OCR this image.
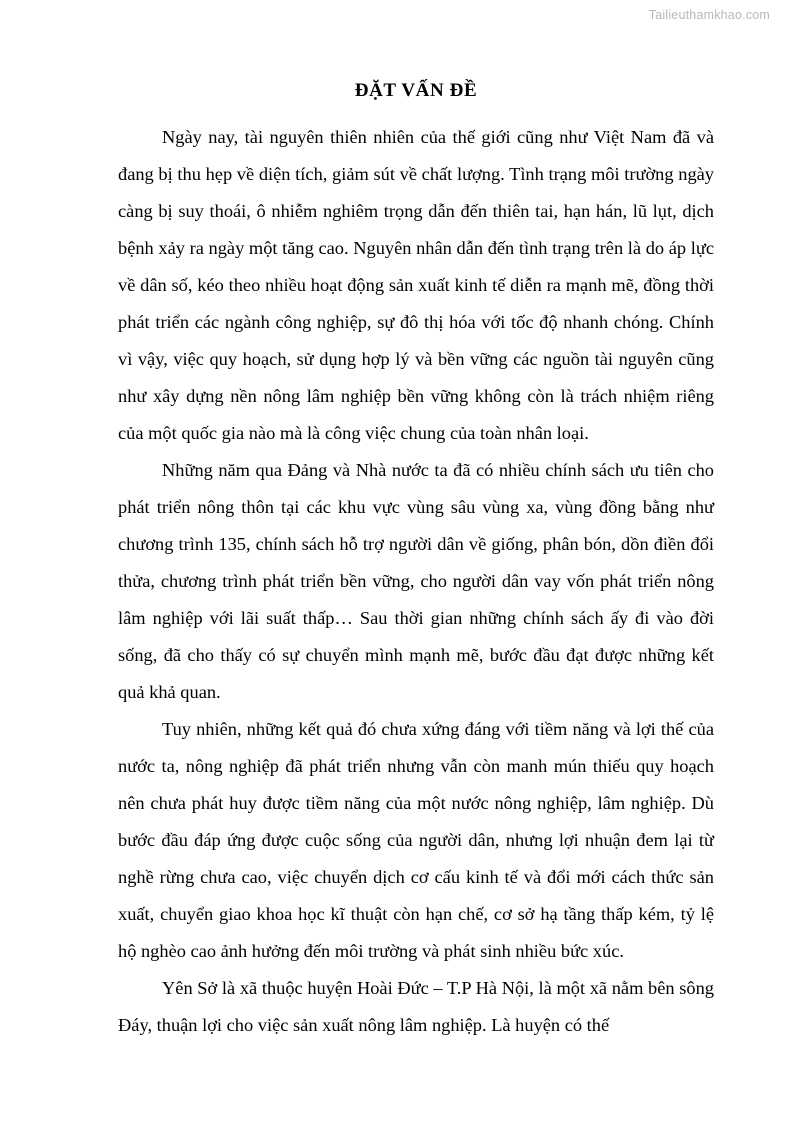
Tailieuthamkhao.com
ĐẶT VẤN ĐỀ

Ngày nay, tài nguyên thiên nhiên của thế giới cũng như Việt Nam đã và đang bị thu hẹp về diện tích, giảm sút về chất lượng. Tình trạng môi trường ngày càng bị suy thoái, ô nhiễm nghiêm trọng dẫn đến thiên tai, hạn hán, lũ lụt, dịch bệnh xảy ra ngày một tăng cao. Nguyên nhân dẫn đến tình trạng trên là do áp lực về dân số, kéo theo nhiều hoạt động sản xuất kinh tế diễn ra mạnh mẽ, đồng thời phát triển các ngành công nghiệp, sự đô thị hóa với tốc độ nhanh chóng. Chính vì vậy, việc quy hoạch, sử dụng hợp lý và bền vững các nguồn tài nguyên cũng như xây dựng nền nông lâm nghiệp bền vững không còn là trách nhiệm riêng của một quốc gia nào mà là công việc chung của toàn nhân loại.

Những năm qua Đảng và Nhà nước ta đã có nhiều chính sách ưu tiên cho phát triển nông thôn tại các khu vực vùng sâu vùng xa, vùng đồng bằng như chương trình 135, chính sách hỗ trợ người dân về giống, phân bón, dồn điền đổi thửa, chương trình phát triển bền vững, cho người dân vay vốn phát triển nông lâm nghiệp với lãi suất thấp… Sau thời gian những chính sách ấy đi vào đời sống, đã cho thấy có sự chuyển mình mạnh mẽ, bước đầu đạt được những kết quả khả quan.

Tuy nhiên, những kết quả đó chưa xứng đáng với tiềm năng và lợi thế của nước ta, nông nghiệp đã phát triển nhưng vẫn còn manh mún thiếu quy hoạch nên chưa phát huy được tiềm năng của một nước nông nghiệp, lâm nghiệp. Dù bước đầu đáp ứng được cuộc sống của người dân, nhưng lợi nhuận đem lại từ nghề rừng chưa cao, việc chuyển dịch cơ cấu kinh tế và đổi mới cách thức sản xuất, chuyển giao khoa học kĩ thuật còn hạn chế, cơ sở hạ tầng thấp kém, tỷ lệ hộ nghèo cao ảnh hưởng đến môi trường và phát sinh nhiều bức xúc.

Yên Sở là xã thuộc huyện Hoài Đức – T.P Hà Nội, là một xã nằm bên sông Đáy, thuận lợi cho việc sản xuất nông lâm nghiệp. Là huyện có thế
